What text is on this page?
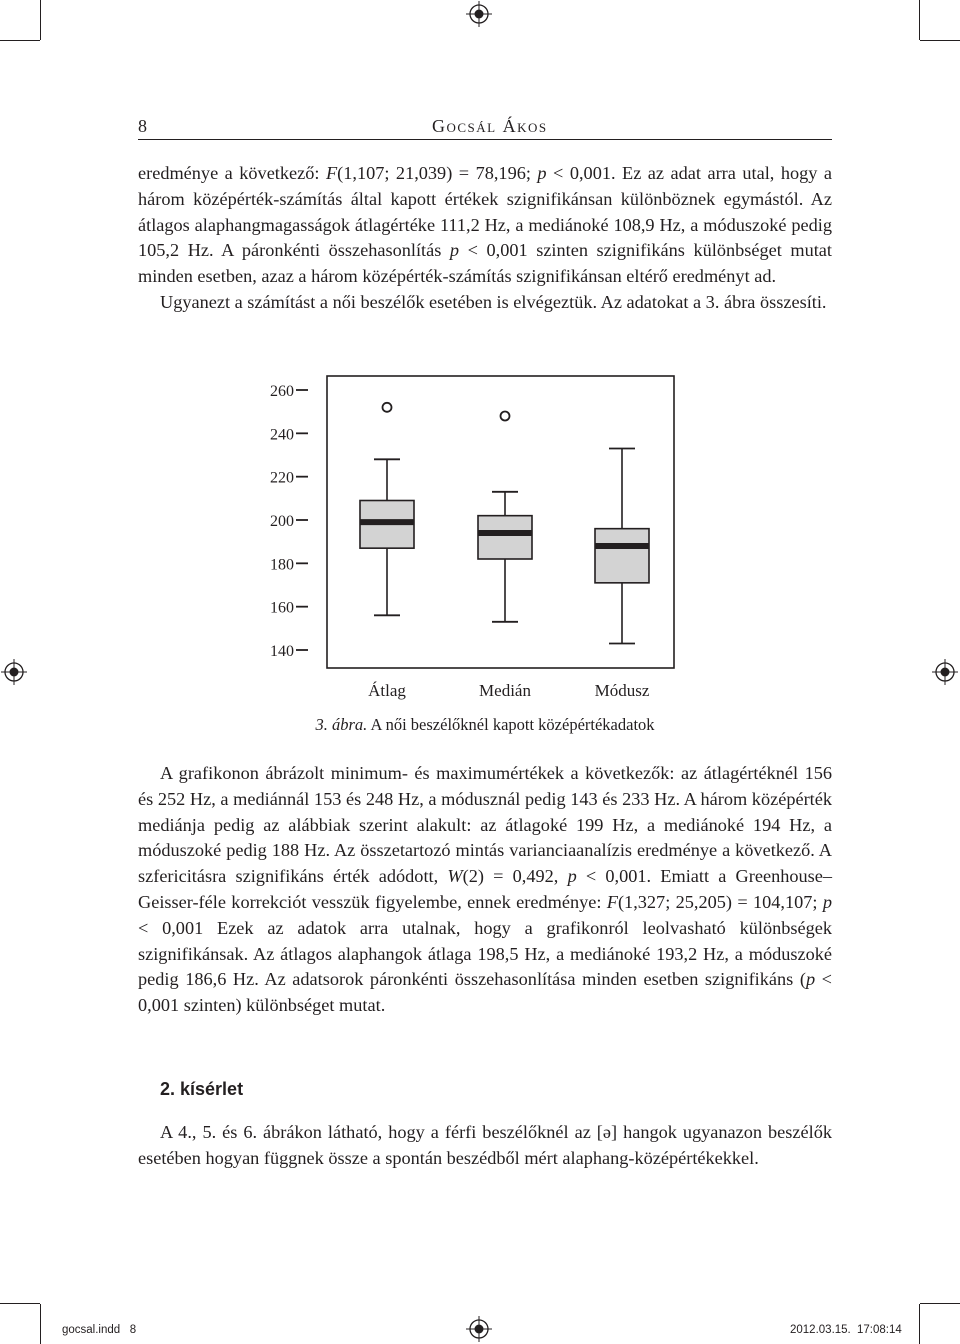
8	Gocsál Ákos
eredménye a következő: F(1,107; 21,039) = 78,196; p < 0,001. Ez az adat arra utal, hogy a három középérték-számítás által kapott értékek szignifikánsan különböznek egymástól. Az átlagos alaphangmagasságok átlagértéke 111,2 Hz, a mediánoké 108,9 Hz, a móduszoké pedig 105,2 Hz. A páronkénti összehasonlítás p < 0,001 szinten szignifikáns különbséget mutat minden esetben, azaz a három középérték-számítás szignifikánsan eltérő eredményt ad.
Ugyanezt a számítást a női beszélők esetében is elvégeztük. Az adatokat a 3. ábra összesíti.
140
160
180
200
220
240
260
Átlag	Medián	Módusz
3. ábra. A női beszélőknél kapott középértékadatok
A grafikonon ábrázolt minimum- és maximumértékek a következők: az átlagértéknél 156 és 252 Hz, a mediánnál 153 és 248 Hz, a módusznál pedig 143 és 233 Hz. A három középérték mediánja pedig az alábbiak szerint alakult: az átlagoké 199 Hz, a mediánoké 194 Hz, a móduszoké pedig 188 Hz. Az összetartozó mintás varianciaanalízis eredménye a következő. A szfericitásra szignifikáns érték adódott, W(2) = 0,492, p < 0,001. Emiatt a Greenhouse–Geisser-féle korrekciót vesszük figyelembe, ennek eredménye: F(1,327; 25,205) = 104,107; p < 0,001 Ezek az adatok arra utalnak, hogy a grafikonról leolvasható különbségek szignifikánsak. Az átlagos alaphangok átlaga 198,5 Hz, a mediánoké 193,2 Hz, a móduszoké pedig 186,6 Hz. Az adatsorok páronkénti összehasonlítása minden esetben szignifikáns (p < 0,001 szinten) különbséget mutat.
2. kísérlet
A 4., 5. és 6. ábrákon látható, hogy a férfi beszélőknél az [ə] hangok ugyanazon beszélők esetében hogyan függnek össze a spontán beszédből mért alaphang-középértékekkel.
gocsal.indd   8	2012.03.15. 17:08:14
